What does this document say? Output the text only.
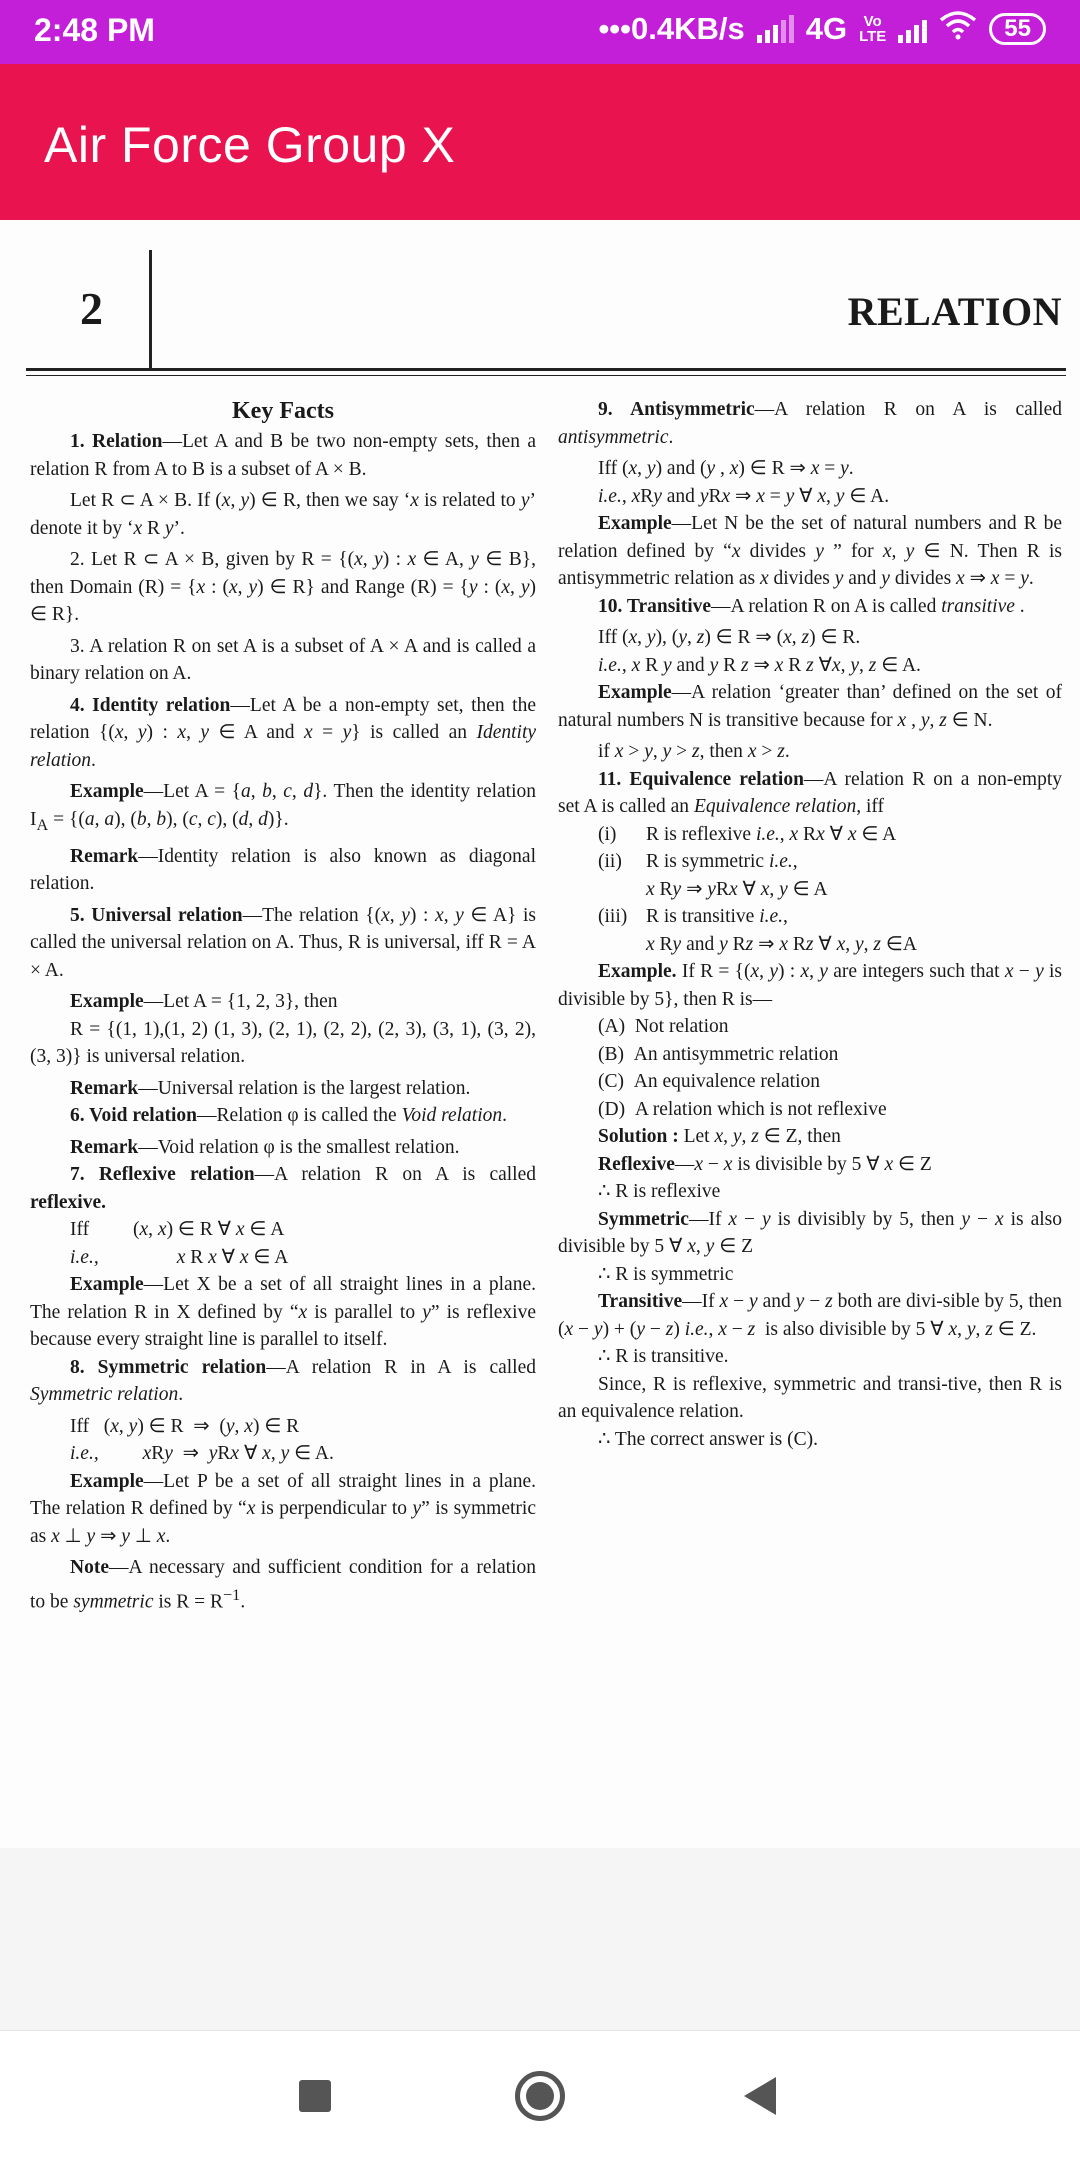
2:48 PM	•••0.4KB/s 4G	Vo
LTE	55
Air Force Group X
2	RELATION
Key Facts

1. Relation—Let A and B be two non-empty sets, then a relation R from A to B is a subset of A × B.

Let R ⊂ A × B. If (x, y) ∈ R, then we say ‘x is related to y’ denote it by ‘x R y’.

2. Let R ⊂ A × B, given by R = {(x, y) : x ∈ A, y ∈ B}, then Domain (R) = {x : (x, y) ∈ R} and Range (R) = {y : (x, y) ∈ R}.

3. A relation R on set A is a subset of A × A and is called a binary relation on A.

4. Identity relation—Let A be a non-empty set, then the relation {(x, y) : x, y ∈ A and x = y} is called an Identity relation.

Example—Let A = {a, b, c, d}. Then the identity relation $I_A = \{(a$, a), (b, b), (c, c), (d, d)}.

Remark—Identity relation is also known as diagonal relation.

5. Universal relation—The relation {(x, y) : x, y ∈ A} is called the universal relation on A. Thus, R is universal, iff R = A × A.

Example—Let A = {1, 2, 3}, then

R = {(1, 1),(1, 2) (1, 3), (2, 1), (2, 2), (2, 3), (3, 1), (3, 2), (3, 3)} is universal relation.

Remark—Universal relation is the largest relation.

6. Void relation—Relation φ is called the Void relation.

Remark—Void relation φ is the smallest relation.

7. Reflexive relation—A relation R on A is called reflexive.

Iff         (x, x) ∈ R ∀ x ∈ A

i.e.,	x R x ∀ x ∈ A

Example—Let X be a set of all straight lines in a plane. The relation R in X defined by “x is parallel to y” is reflexive because every straight line is parallel to itself.

8. Symmetric relation—A relation R in A is called Symmetric relation.

Iff   (x, y) ∈ R  ⇒  (y, x) ∈ R

i.e., xRy  ⇒  yRx ∀ x, y ∈ A.

Example—Let P be a set of all straight lines in a plane. The relation R defined by “x is perpendicular to y” is symmetric as x ⊥ y ⇒ y ⊥ x.

Note—A necessary and sufficient condition for a relation to be symmetric is $R = R^{-1}$.

9. Antisymmetric—A relation R on A is called antisymmetric.

Iff (x, y) and (y , x) ∈ R ⇒ x = y.

i.e., xRy and yRx ⇒ x = y ∀ x, y ∈ A.

Example—Let N be the set of natural numbers and R be relation defined by “x divides y ” for x, y ∈ N. Then R is antisymmetric relation as x divides y and y divides x ⇒ x = y.

10. Transitive—A relation R on A is called transitive .

Iff (x, y), (y, z) ∈ R ⇒ (x, z) ∈ R.

i.e., x R y and y R z ⇒ x R z ∀x, y, z ∈ A.

Example—A relation ‘greater than’ defined on the set of natural numbers N is transitive because for x , y, z ∈ N.

if x > y, y > z, then x > z.

11. Equivalence relation—A relation R on a non-empty set A is called an Equivalence relation, iff

(i)	R is reflexive i.e., x Rx ∀ x ∈ A

(ii)	R is symmetric i.e.,

x Ry ⇒ yRx ∀ x, y ∈ A

(iii) R is transitive i.e.,

x Ry and y Rz ⇒ x Rz ∀ x, y, z ∈A

Example. If R = {(x, y) : x, y are integers such that x − y is divisible by 5}, then R is—

(A)  Not relation

(B)  An antisymmetric relation

(C)  An equivalence relation

(D)  A relation which is not reflexive

Solution : Let x, y, z ∈ Z, then

Reflexive—x − x is divisible by 5 ∀ x ∈ Z

∴ R is reflexive

Symmetric—If x − y is divisibly by 5, then y − x is also divisible by 5 ∀ x, y ∈ Z

∴ R is symmetric

Transitive—If x − y and y − z both are divi-sible by 5, then (x − y) + (y − z) i.e., x − z  is also divisible by 5 ∀ x, y, z ∈ Z.

∴ R is transitive.

Since, R is reflexive, symmetric and transi-tive, then R is an equivalence relation.

∴ The correct answer is (C).
